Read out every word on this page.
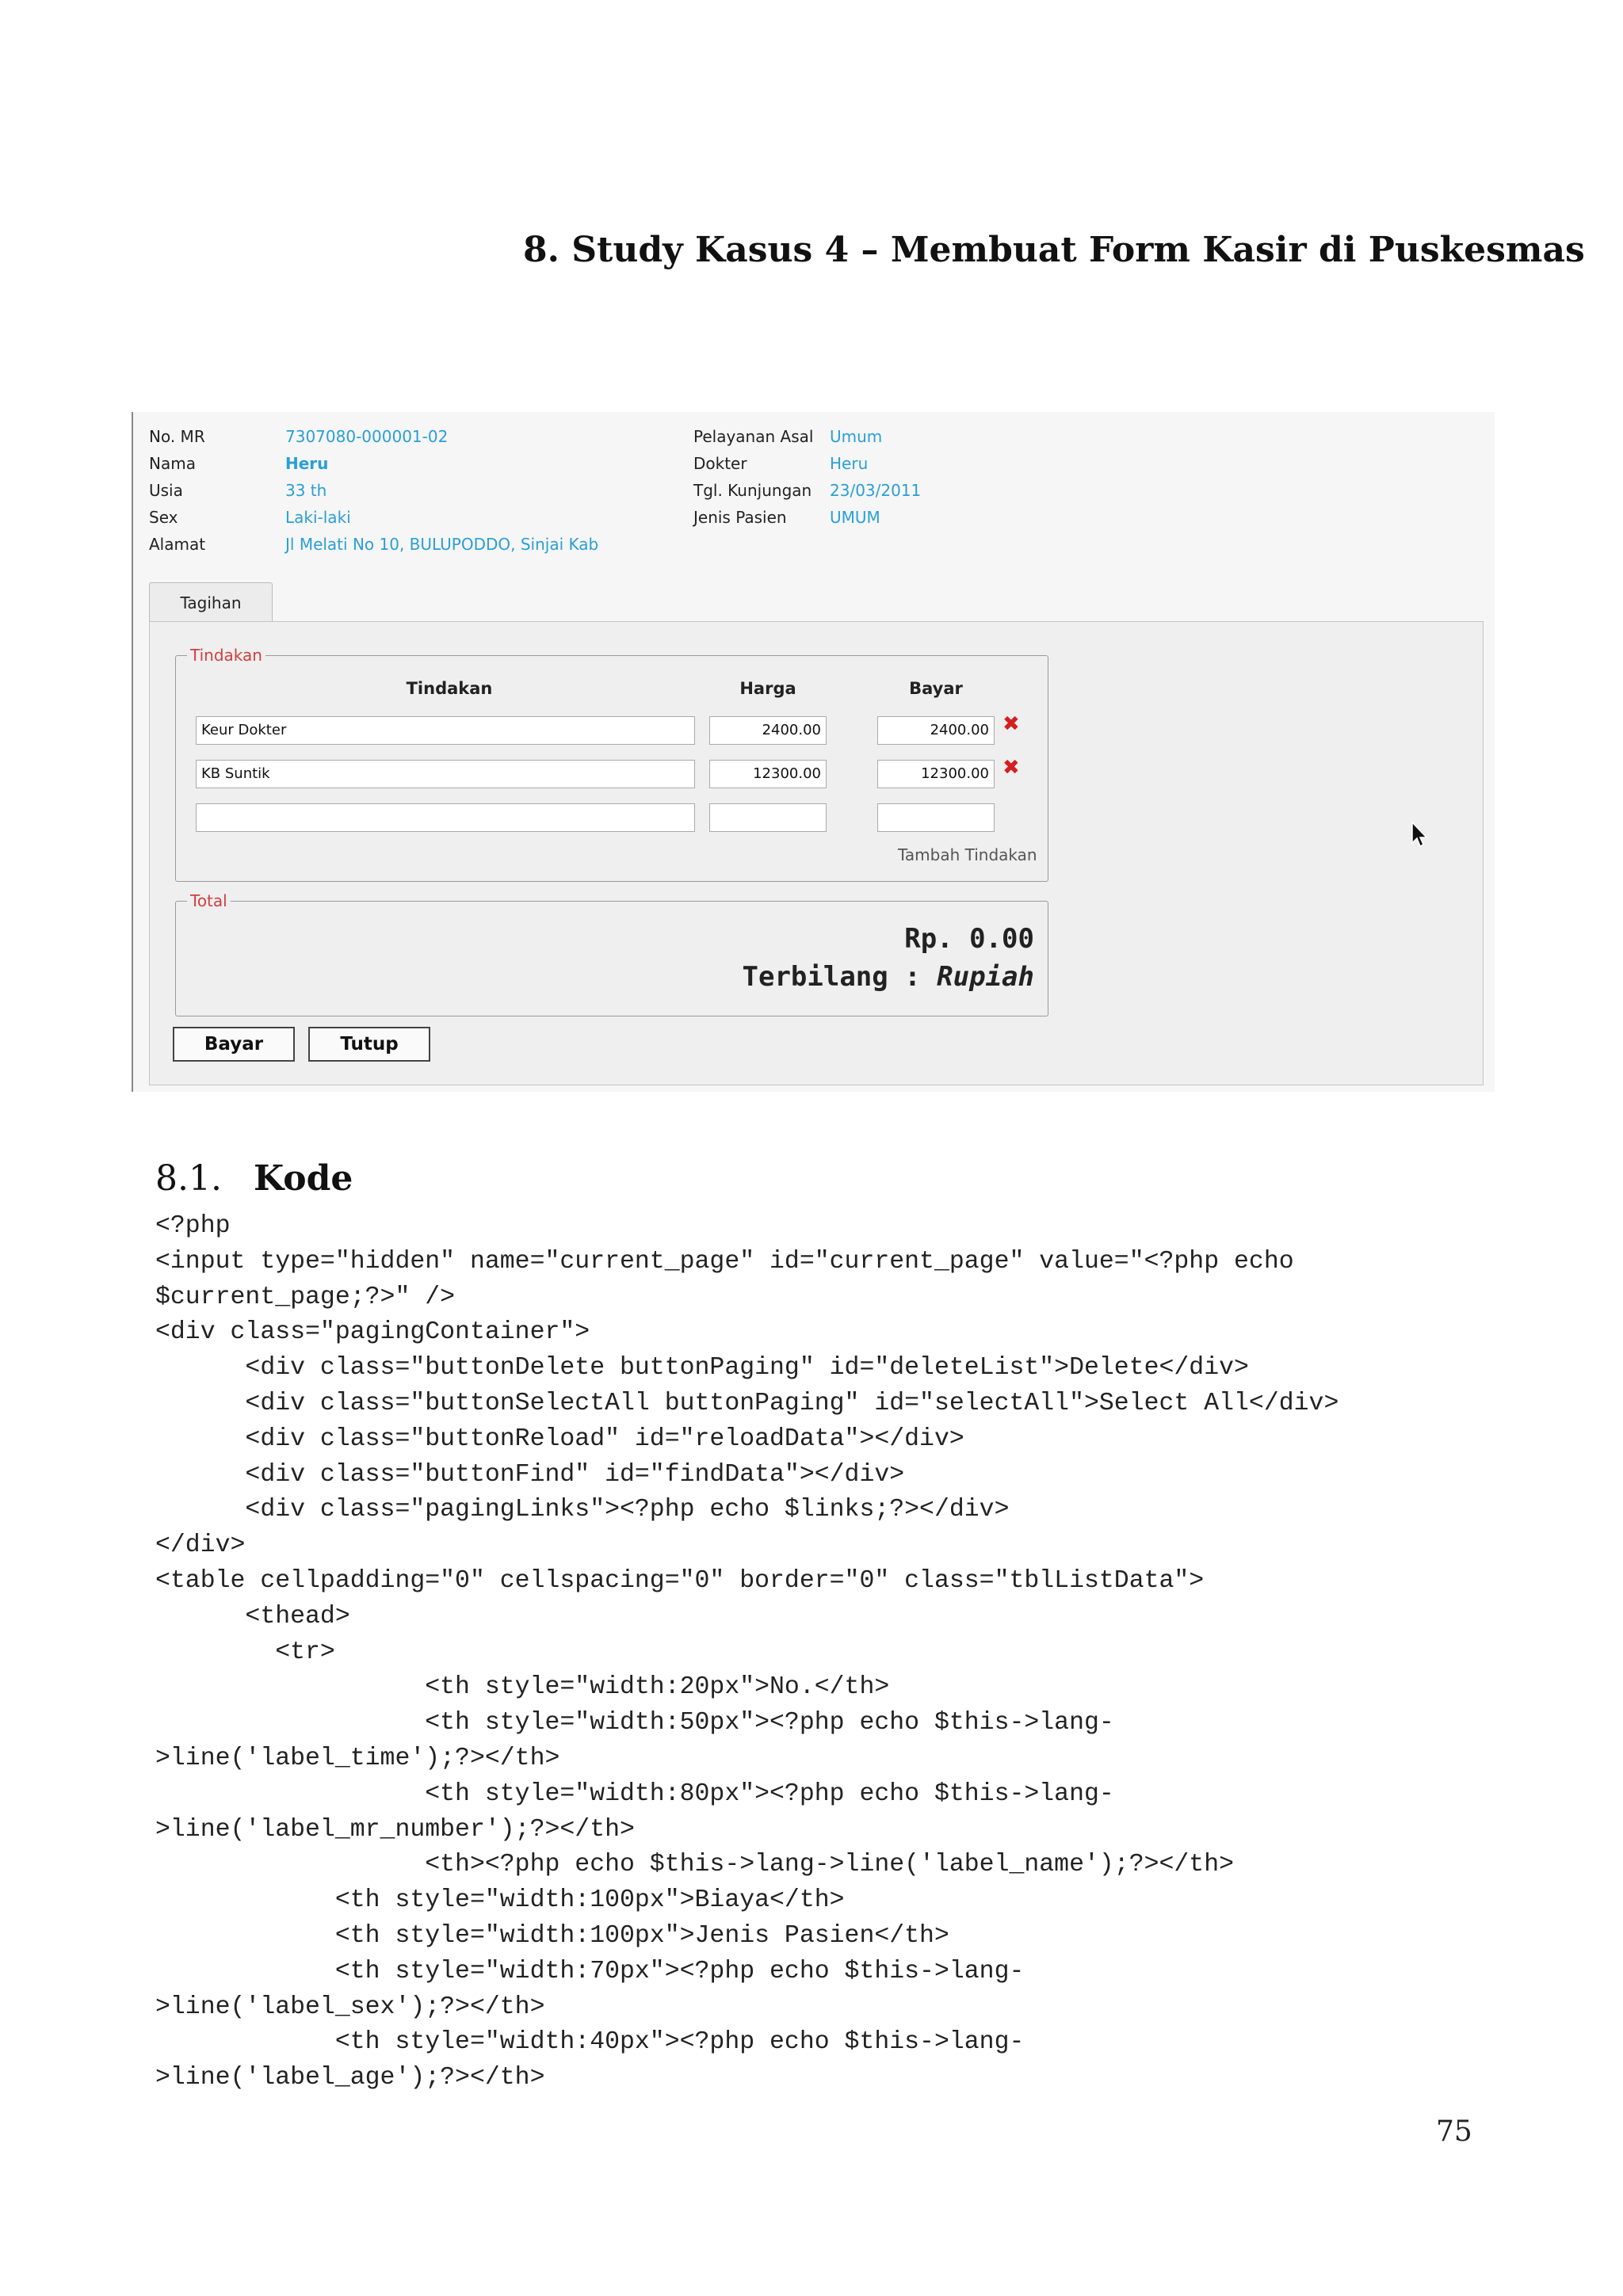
8. Study Kasus 4 – Membuat Form Kasir di Puskesmas
No. MR	7307080-000001-02
Nama	Heru
Usia	33 th
Sex	Laki-laki
Alamat	Jl Melati No 10, BULUPODDO, Sinjai Kab
Pelayanan Asal Umum
Dokter	Heru
Tgl. Kunjungan 23/03/2011
Jenis Pasien	UMUM
Tagihan
Tindakan
Tindakan	Harga	Bayar
Keur Dokter	2400.00	2400.00 ✖
KB Suntik	12300.00	12300.00 ✖
Tambah Tindakan
Total
Rp. 0.00
Terbilang : Rupiah
Bayar	Tutup
8.1. Kode
<?php
<input type="hidden" name="current_page" id="current_page" value="<?php echo
$current_page;?>" />
<div class="pagingContainer">
<div class="buttonDelete buttonPaging" id="deleteList">Delete</div>
<div class="buttonSelectAll buttonPaging" id="selectAll">Select All</div>
<div class="buttonReload" id="reloadData"></div>
<div class="buttonFind" id="findData"></div>
<div class="pagingLinks"><?php echo $links;?></div>
</div>
<table cellpadding="0" cellspacing="0" border="0" class="tblListData">
<thead>
<tr>
<th style="width:20px">No.</th>
<th style="width:50px"><?php echo $this->lang-
>line('label_time');?></th>
<th style="width:80px"><?php echo $this->lang-
>line('label_mr_number');?></th>
<th><?php echo $this->lang->line('label_name');?></th>
<th style="width:100px">Biaya</th>
<th style="width:100px">Jenis Pasien</th>
<th style="width:70px"><?php echo $this->lang-
>line('label_sex');?></th>
<th style="width:40px"><?php echo $this->lang-
>line('label_age');?></th>
75
